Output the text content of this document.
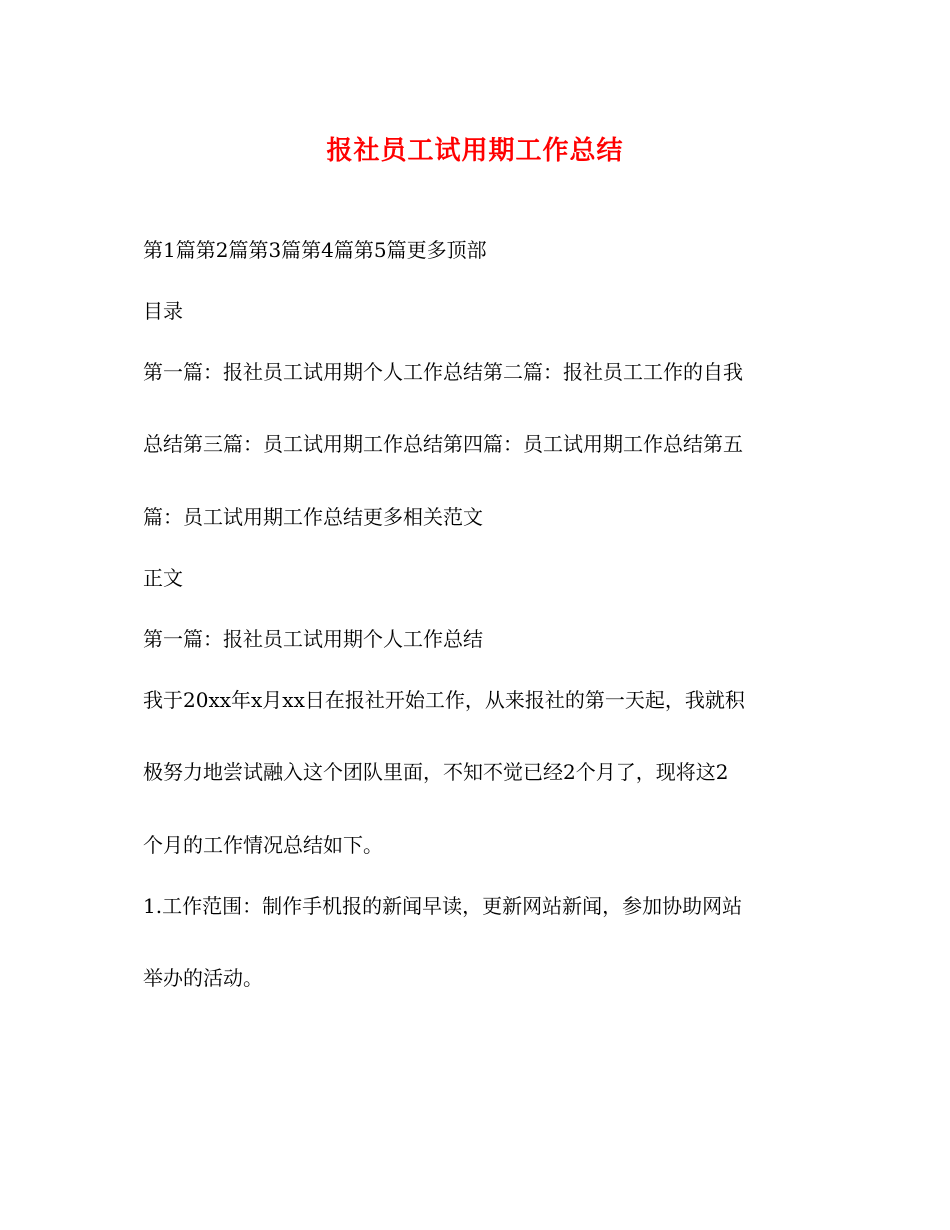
报社员工试用期工作总结
第1篇第2篇第3篇第4篇第5篇更多顶部
目录
第一篇：报社员工试用期个人工作总结第二篇：报社员工工作的自我
总结第三篇：员工试用期工作总结第四篇：员工试用期工作总结第五
篇：员工试用期工作总结更多相关范文
正文
第一篇：报社员工试用期个人工作总结
我于20xx年x月xx日在报社开始工作，从来报社的第一天起，我就积
极努力地尝试融入这个团队里面，不知不觉已经2个月了，现将这2
个月的工作情况总结如下。
1.工作范围：制作手机报的新闻早读，更新网站新闻，参加协助网站
举办的活动。
